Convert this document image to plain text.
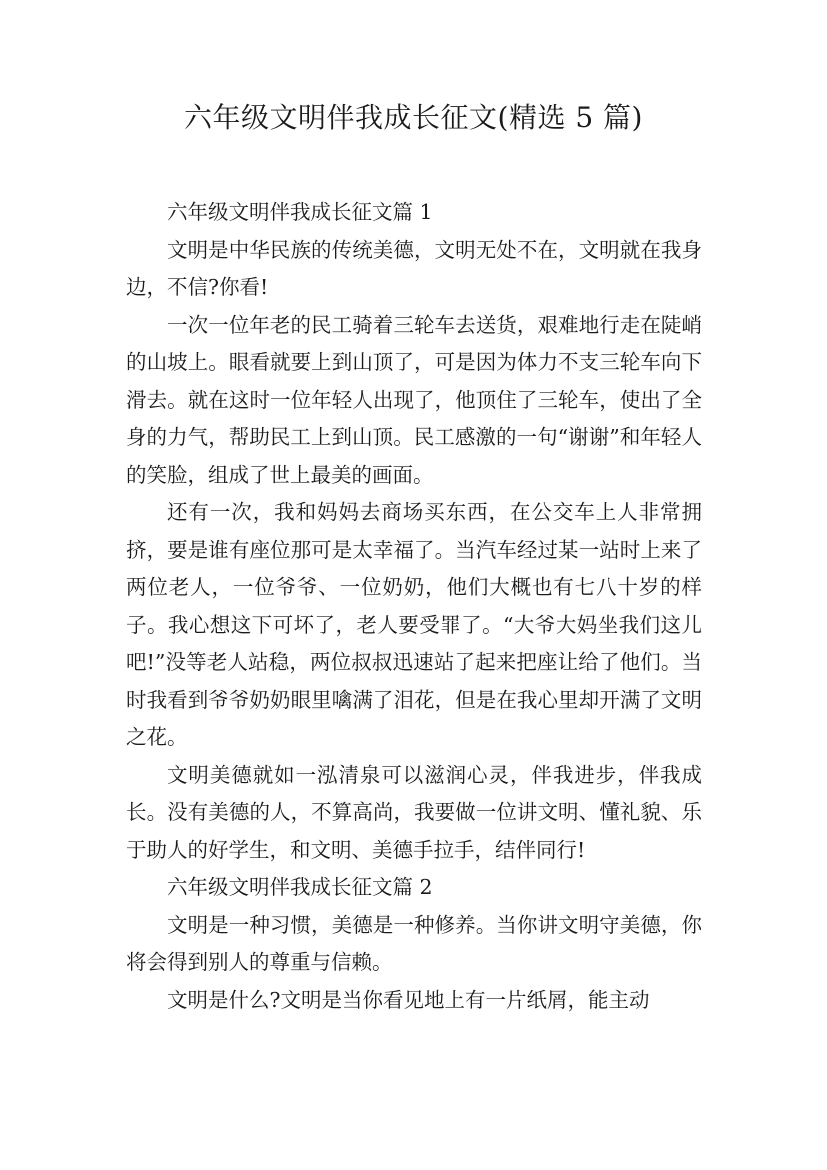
六年级文明伴我成长征文(精选 5 篇)

六年级文明伴我成长征文篇 1

文明是中华民族的传统美德，文明无处不在，文明就在我身边，不信?你看!

一次一位年老的民工骑着三轮车去送货，艰难地行走在陡峭的山坡上。眼看就要上到山顶了，可是因为体力不支三轮车向下滑去。就在这时一位年轻人出现了，他顶住了三轮车，使出了全身的力气，帮助民工上到山顶。民工感激的一句“谢谢”和年轻人的笑脸，组成了世上最美的画面。

还有一次，我和妈妈去商场买东西，在公交车上人非常拥挤，要是谁有座位那可是太幸福了。当汽车经过某一站时上来了两位老人，一位爷爷、一位奶奶，他们大概也有七八十岁的样子。我心想这下可坏了，老人要受罪了。“大爷大妈坐我们这儿吧!”没等老人站稳，两位叔叔迅速站了起来把座让给了他们。当时我看到爷爷奶奶眼里噙满了泪花，但是在我心里却开满了文明之花。

文明美德就如一泓清泉可以滋润心灵，伴我进步，伴我成长。没有美德的人，不算高尚，我要做一位讲文明、懂礼貌、乐于助人的好学生，和文明、美德手拉手，结伴同行!

六年级文明伴我成长征文篇 2

文明是一种习惯，美德是一种修养。当你讲文明守美德，你将会得到别人的尊重与信赖。

文明是什么?文明是当你看见地上有一片纸屑，能主动
